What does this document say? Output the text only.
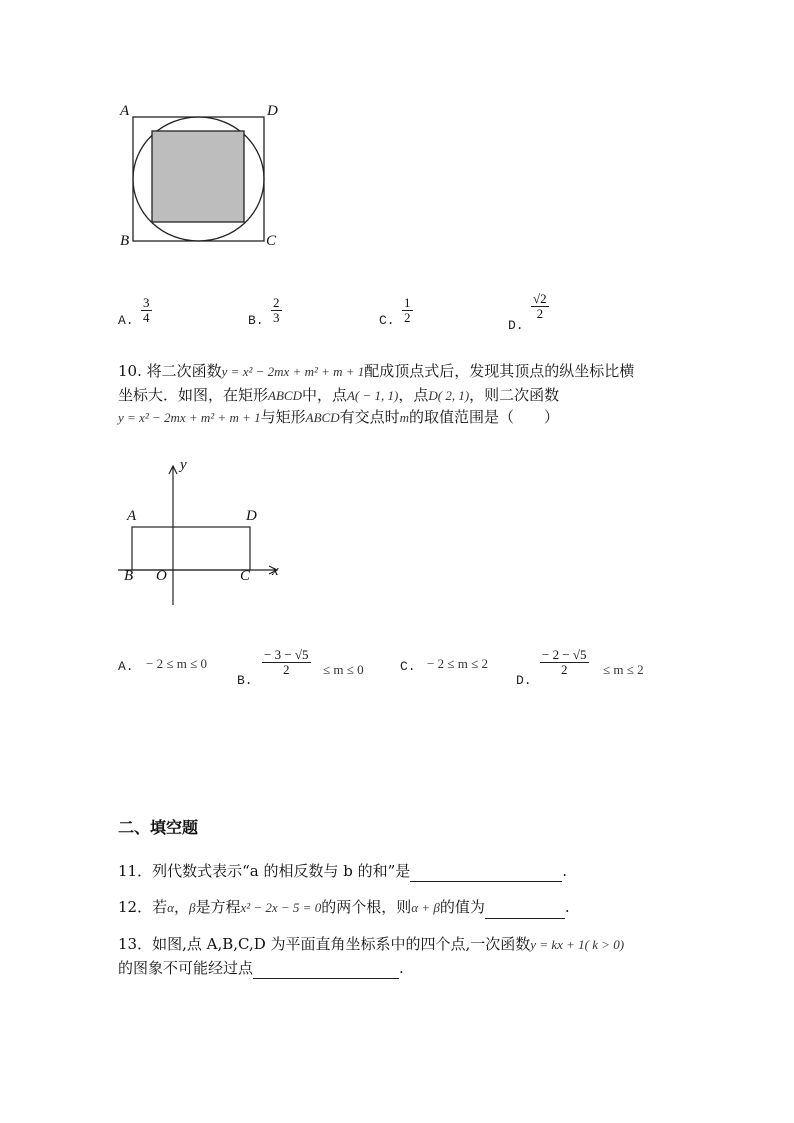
A	D
B	C
A. $\frac{3}{4}$	B. $\frac{2}{3}$	C. $\frac{1}{2}$
D.
$\frac{√2}{2}$
10. 将二次函数y = x² − 2mx + m² + m + 1配成顶点式后，发现其顶点的纵坐标比横
坐标大．如图，在矩形ABCD中，点A( − 1, 1)，点D( 2, 1)，则二次函数
y = x² − 2mx + m² + m + 1与矩形ABCD有交点时m的取值范围是（　　）
y
x
A	D
B O	C
A. − 2 ≤ m ≤ 0
B.
$\frac{- 3 - √5}{2} \le m \le 0$	C. − 2 ≤ m ≤ 2
D.
$\frac{- 2 - √5}{2} \le m \le 2$
二、填空题
11．列代数式表示“a 的相反数与 b 的和”是	.
12．若α，β是方程x² − 2x − 5 = 0的两个根，则α + β的值为	.
13．如图,点 A,B,C,D 为平面直角坐标系中的四个点,一次函数y = kx + 1( k > 0)
的图象不可能经过点	.
